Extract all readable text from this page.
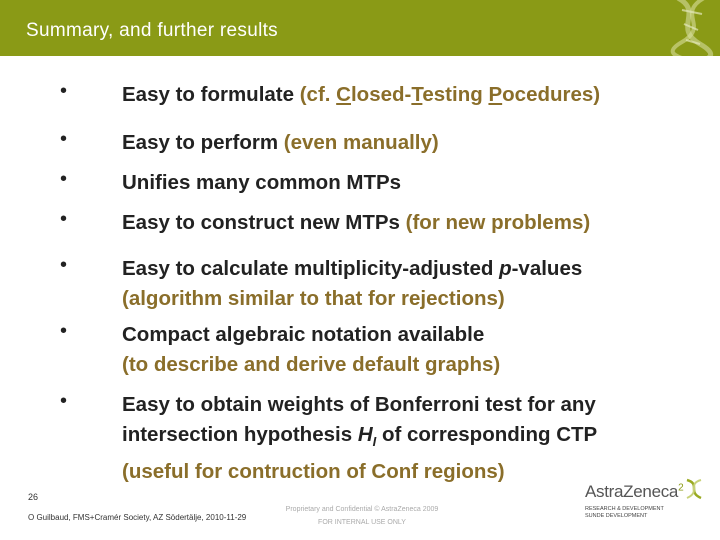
Summary, and further results
•	Easy to formulate (cf. Closed-Testing Pocedures)
•	Easy to perform (even manually)
•	Unifies many common MTPs
•	Easy to construct new MTPs (for new problems)
•	Easy to calculate multiplicity-adjusted p-values
(algorithm similar to that for rejections)
•	Compact algebraic notation available
(to describe and derive default graphs)
•	Easy to obtain weights of Bonferroni test for any
intersection hypothesis $H_I$ of corresponding CTP
(useful for contruction of Conf regions)
26
O Guilbaud, FMS+Cramér Society, AZ Södertälje, 2010-11-29
Proprietary and Confidential © AstraZeneca 2009
FOR INTERNAL USE ONLY
AstraZeneca$^2$
RESEARCH & DEVELOPMENT
SUNDE DEVELOPMENT
